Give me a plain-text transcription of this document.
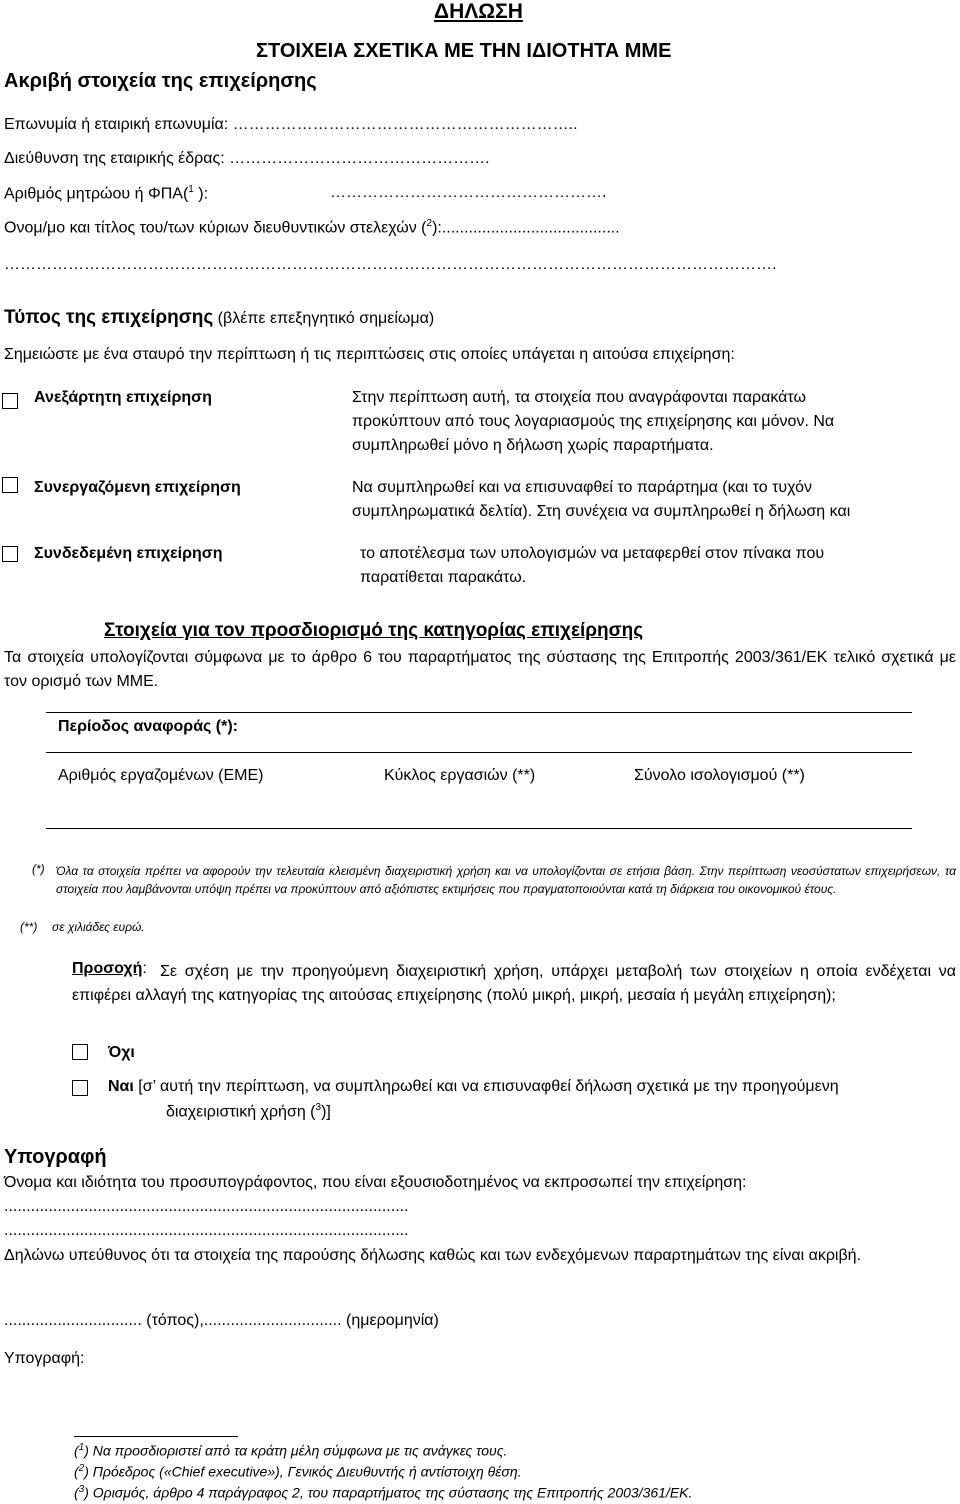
ΔΗΛΩΣΗ
ΣΤΟΙΧΕΙΑ ΣΧΕΤΙΚΑ ΜΕ ΤΗΝ ΙΔΙΟΤΗΤΑ ΜΜΕ
Ακριβή στοιχεία της επιχείρησης
Επωνυμία ή εταιρική επωνυμία: ………………………………………………………..
Διεύθυνση της εταιρικής έδρας: ………………………………………….
Αριθμός μητρώου ή ΦΠΑ($^1$ ):	…………………………………………….
Ονομ/μο και τίτλος του/των κύριων διευθυντικών στελεχών ($^2$):........................................
……………………………………………………………………………………………………………………………….
Τύπος της επιχείρησης (βλέπε επεξηγητικό σημείωμα)
Σημειώστε με ένα σταυρό την περίπτωση ή τις περιπτώσεις στις οποίες υπάγεται η αιτούσα επιχείρηση:
Ανεξάρτητη επιχείρηση	Στην περίπτωση αυτή, τα στοιχεία που αναγράφονται παρακάτω
προκύπτουν από τους λογαριασμούς της επιχείρησης και μόνον. Να
συμπληρωθεί μόνο η δήλωση χωρίς παραρτήματα.
Συνεργαζόμενη επιχείρηση	Να συμπληρωθεί και να επισυναφθεί το παράρτημα (και το τυχόν
συμπληρωματικά δελτία). Στη συνέχεια να συμπληρωθεί η δήλωση και
Συνδεδεμένη επιχείρηση	το αποτέλεσμα των υπολογισμών να μεταφερθεί στον πίνακα που
παρατίθεται παρακάτω.
Στοιχεία για τον προσδιορισμό της κατηγορίας επιχείρησης
Τα στοιχεία υπολογίζονται σύμφωνα με το άρθρο 6 του παραρτήματος της σύστασης της Επιτροπής 2003/361/ΕΚ τελικό σχετικά με τον ορισμό των ΜΜΕ.
Περίοδος αναφοράς (*):
Αριθμός εργαζομένων (ΕΜΕ)	Κύκλος εργασιών (**)	Σύνολο ισολογισμού (**)
(*) Όλα τα στοιχεία πρέπει να αφορούν την τελευταία κλεισμένη διαχειριστική χρήση και να υπολογίζονται σε ετήσια βάση. Στην περίπτωση νεοσύστατων επιχειρήσεων, τα στοιχεία που λαμβάνονται υπόψη πρέπει να προκύπτουν από αξιόπιστες εκτιμήσεις που πραγματοποιούνται κατά τη διάρκεια του οικονομικού έτους.
(**) σε χιλιάδες ευρώ.
Προσοχή: Σε σχέση με την προηγούμενη διαχειριστική χρήση, υπάρχει μεταβολή των στοιχείων η οποία ενδέχεται να επιφέρει αλλαγή της κατηγορίας της αιτούσας επιχείρησης (πολύ μικρή, μικρή, μεσαία ή μεγάλη επιχείρηση);
Όχι
Ναι [σ’ αυτή την περίπτωση, να συμπληρωθεί και να επισυναφθεί δήλωση σχετικά με την προηγούμενη
διαχειριστική χρήση ($^3$)]
Υπογραφή
Όνομα και ιδιότητα του προσυπογράφοντος, που είναι εξουσιοδοτημένος να εκπροσωπεί την επιχείρηση:
...........................................................................................
...........................................................................................
Δηλώνω υπεύθυνος ότι τα στοιχεία της παρούσης δήλωσης καθώς και των ενδεχόμενων παραρτημάτων της είναι ακριβή.
............................... (τόπος),............................... (ημερομηνία)
Υπογραφή:
($^1$) Να προσδιοριστεί από τα κράτη μέλη σύμφωνα με τις ανάγκες τους.
($^2$) Πρόεδρος («Chief executive»), Γενικός Διευθυντής ή αντίστοιχη θέση.
($^3$) Ορισμός, άρθρο 4 παράγραφος 2, του παραρτήματος της σύστασης της Επιτροπής 2003/361/ΕΚ.
